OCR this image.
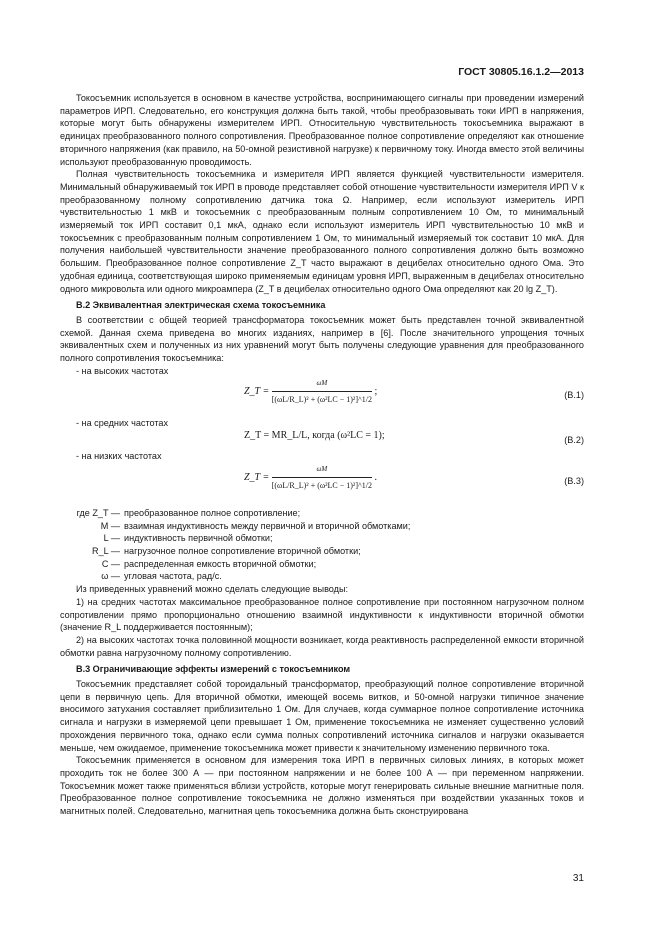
ГОСТ 30805.16.1.2—2013

Токосъемник используется в основном в качестве устройства, воспринимающего сигналы при проведении измерений параметров ИРП. Следовательно, его конструкция должна быть такой, чтобы преобразовывать токи ИРП в напряжения, которые могут быть обнаружены измерителем ИРП. Относительную чувствительность токосъемника выражают в единицах преобразованного полного сопротивления. Преобразованное полное сопротивление определяют как отношение вторичного напряжения (как правило, на 50-омной резистивной нагрузке) к первичному току. Иногда вместо этой величины используют преобразованную проводимость.

Полная чувствительность токосъемника и измерителя ИРП является функцией чувствительности измерителя. Минимальный обнаруживаемый ток ИРП в проводе представляет собой отношение чувствительности измерителя ИРП V к преобразованному полному сопротивлению датчика тока Ω. Например, если используют измеритель ИРП чувствительностью 1 мкВ и токосъемник с преобразованным полным сопротивлением 10 Ом, то минимальный измеряемый ток ИРП составит 0,1 мкА, однако если используют измеритель ИРП чувствительностью 10 мкВ и токосъемник с преобразованным полным сопротивлением 1 Ом, то минимальный измеряемый ток составит 10 мкА. Для получения наибольшей чувствительности значение преобразованного полного сопротивления должно быть возможно большим. Преобразованное полное сопротивление Z_T часто выражают в децибелах относительно одного Ома. Это удобная единица, соответствующая широко применяемым единицам уровня ИРП, выраженным в децибелах относительно одного микровольта или одного микроампера (Z_T в децибелах относительно одного Ома определяют как 20 lg Z_T).

В.2 Эквивалентная электрическая схема токосъемника

В соответствии с общей теорией трансформатора токосъемник может быть представлен точной эквивалентной схемой. Данная схема приведена во многих изданиях, например в [6]. После значительного упрощения точных эквивалентных схем и полученных из них уравнений могут быть получены следующие уравнения для преобразованного полного сопротивления токосъемника:

- на высоких частотах
Z_T = $\frac{\omega M}{\text{[(ωL/R\_L)² + (ω²LC − 1)²]\textasciicircum{}1/2}}$ ;	(В.1)
- на средних частотах
Z_T = MR_L/L, когда (ω²LC = 1);	(В.2)
- на низких частотах
Z_T = $\frac{\omega M}{\text{[(ωL/R\_L)² + (ω²LC − 1)²]\textasciicircum{}1/2}}$ .	(В.3)
где Z_T — преобразованное полное сопротивление;
M — взаимная индуктивность между первичной и вторичной обмотками;
L — индуктивность первичной обмотки;
R_L — нагрузочное полное сопротивление вторичной обмотки;
C — распределенная емкость вторичной обмотки;
ω — угловая частота, рад/с.

Из приведенных уравнений можно сделать следующие выводы:

1) на средних частотах максимальное преобразованное полное сопротивление при постоянном нагрузочном полном сопротивлении прямо пропорционально отношению взаимной индуктивности к индуктивности вторичной обмотки (значение R_L поддерживается постоянным);

2) на высоких частотах точка половинной мощности возникает, когда реактивность распределенной емкости вторичной обмотки равна нагрузочному полному сопротивлению.

В.3 Ограничивающие эффекты измерений с токосъемником

Токосъемник представляет собой тороидальный трансформатор, преобразующий полное сопротивление вторичной цепи в первичную цепь. Для вторичной обмотки, имеющей восемь витков, и 50-омной нагрузки типичное значение вносимого затухания составляет приблизительно 1 Ом. Для случаев, когда суммарное полное сопротивление источника сигнала и нагрузки в измеряемой цепи превышает 1 Ом, применение токосъемника не изменяет существенно условий прохождения первичного тока, однако если сумма полных сопротивлений источника сигналов и нагрузки оказывается меньше, чем ожидаемое, применение токосъемника может привести к значительному изменению первичного тока.

Токосъемник применяется в основном для измерения тока ИРП в первичных силовых линиях, в которых может проходить ток не более 300 А — при постоянном напряжении и не более 100 А — при переменном напряжении. Токосъемник может также применяться вблизи устройств, которые могут генерировать сильные внешние магнитные поля. Преобразованное полное сопротивление токосъемника не должно изменяться при воздействии указанных токов и магнитных полей. Следовательно, магнитная цепь токосъемника должна быть сконструирована

31
